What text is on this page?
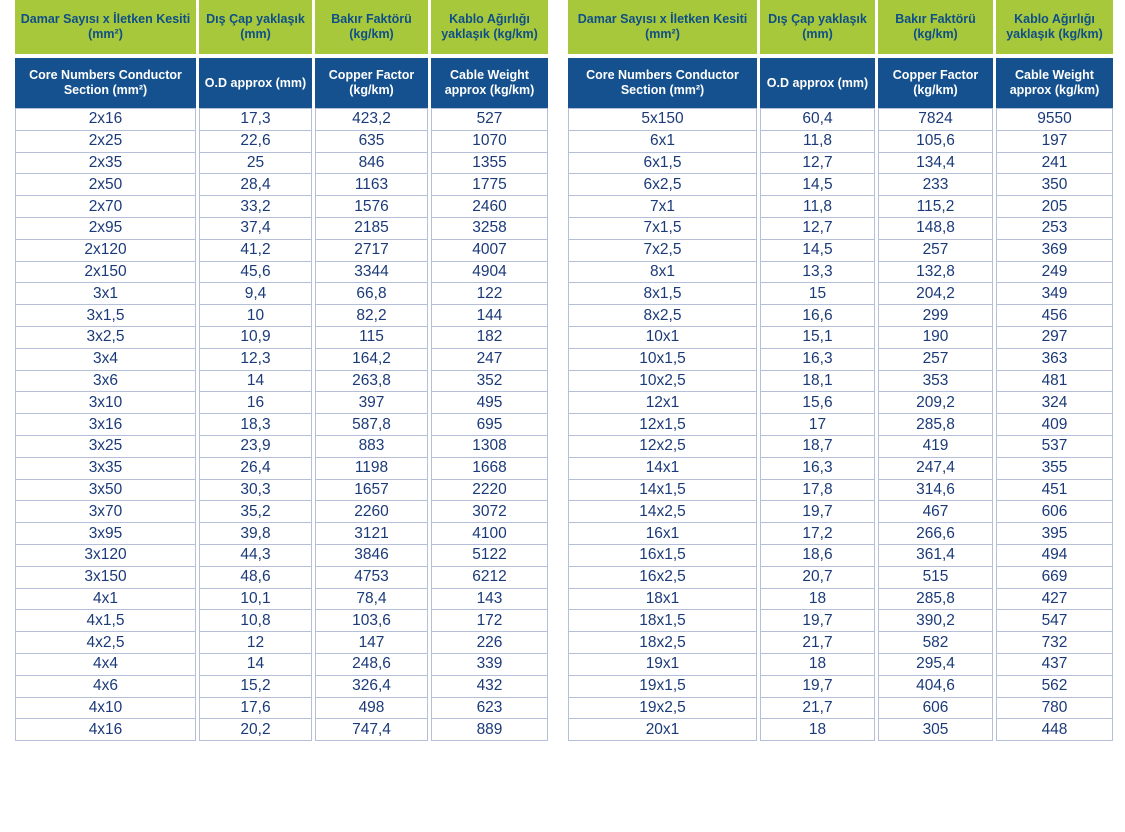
Damar Sayısı x İletken Kesiti (mm²)	Dış Çap yaklaşık (mm)	Bakır Faktörü (kg/km)	Kablo Ağırlığı yaklaşık (kg/km)
Core Numbers Conductor Section (mm²)	O.D approx (mm)	Copper Factor (kg/km)	Cable Weight approx (kg/km)
2x16	17,3	423,2	527
2x25	22,6	635	1070
2x35	25	846	1355
2x50	28,4	1163	1775
2x70	33,2	1576	2460
2x95	37,4	2185	3258
2x120	41,2	2717	4007
2x150	45,6	3344	4904
3x1	9,4	66,8	122
3x1,5	10	82,2	144
3x2,5	10,9	115	182
3x4	12,3	164,2	247
3x6	14	263,8	352
3x10	16	397	495
3x16	18,3	587,8	695
3x25	23,9	883	1308
3x35	26,4	1198	1668
3x50	30,3	1657	2220
3x70	35,2	2260	3072
3x95	39,8	3121	4100
3x120	44,3	3846	5122
3x150	48,6	4753	6212
4x1	10,1	78,4	143
4x1,5	10,8	103,6	172
4x2,5	12	147	226
4x4	14	248,6	339
4x6	15,2	326,4	432
4x10	17,6	498	623
4x16	20,2	747,4	889
Damar Sayısı x İletken Kesiti (mm²)	Dış Çap yaklaşık (mm)	Bakır Faktörü (kg/km)	Kablo Ağırlığı yaklaşık (kg/km)
Core Numbers Conductor Section (mm²)	O.D approx (mm)	Copper Factor (kg/km)	Cable Weight approx (kg/km)
5x150	60,4	7824	9550
6x1	11,8	105,6	197
6x1,5	12,7	134,4	241
6x2,5	14,5	233	350
7x1	11,8	115,2	205
7x1,5	12,7	148,8	253
7x2,5	14,5	257	369
8x1	13,3	132,8	249
8x1,5	15	204,2	349
8x2,5	16,6	299	456
10x1	15,1	190	297
10x1,5	16,3	257	363
10x2,5	18,1	353	481
12x1	15,6	209,2	324
12x1,5	17	285,8	409
12x2,5	18,7	419	537
14x1	16,3	247,4	355
14x1,5	17,8	314,6	451
14x2,5	19,7	467	606
16x1	17,2	266,6	395
16x1,5	18,6	361,4	494
16x2,5	20,7	515	669
18x1	18	285,8	427
18x1,5	19,7	390,2	547
18x2,5	21,7	582	732
19x1	18	295,4	437
19x1,5	19,7	404,6	562
19x2,5	21,7	606	780
20x1	18	305	448
